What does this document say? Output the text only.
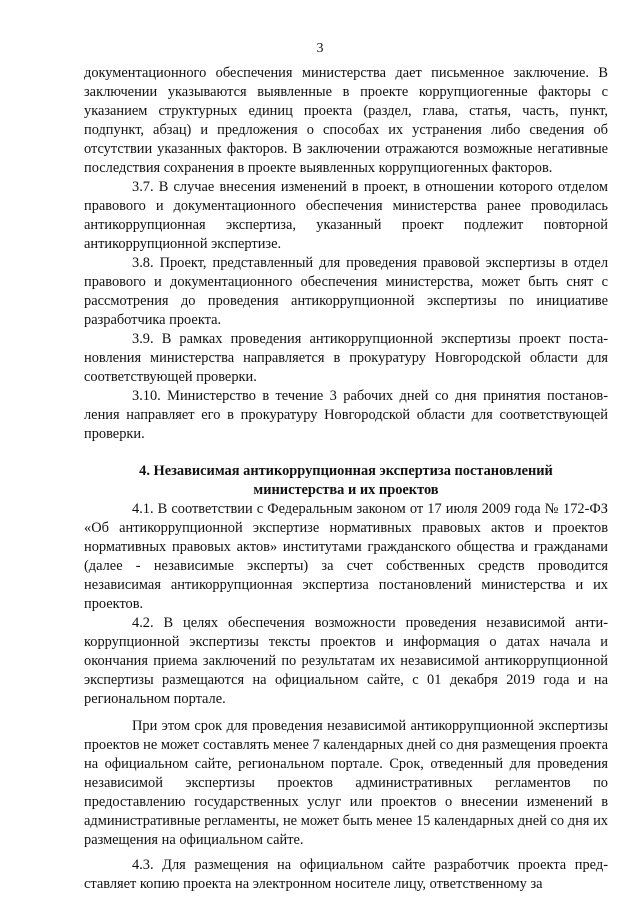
3

документационного обеспечения министерства дает письменное заключение. В заключении указываются выявленные в проекте коррупциогенные факторы с указанием структурных единиц проекта (раздел, глава, статья, часть, пункт, подпункт, абзац) и предложения о способах их устранения либо сведения об отсутствии указанных факторов. В заключении отражаются возможные негативные последствия сохранения в проекте выявленных коррупциогенных факторов.

3.7. В случае внесения изменений в проект, в отношении которого отделом правового и документационного обеспечения министерства ранее проводилась антикоррупционная экспертиза, указанный проект подлежит повторной антикоррупционной экспертизе.

3.8. Проект, представленный для проведения правовой экспертизы в отдел правового и документационного обеспечения министерства, может быть снят с рассмотрения до проведения антикоррупционной экспертизы по инициативе разработчика проекта.

3.9. В рамках проведения антикоррупционной экспертизы проект постановления министерства направляется в прокуратуру Новгородской области для соответствующей проверки.

3.10. Министерство в течение 3 рабочих дней со дня принятия постановления направляет его в прокуратуру Новгородской области для соответствующей проверки.

4. Независимая антикоррупционная экспертиза постановлений
министерства и их проектов

4.1. В соответствии с Федеральным законом от 17 июля 2009 года № 172-ФЗ «Об антикоррупционной экспертизе нормативных правовых актов и проектов нормативных правовых актов» институтами гражданского общества и гражданами (далее - независимые эксперты) за счет собственных средств проводится независимая антикоррупционная экспертиза постановлений министерства и их проектов.

4.2. В целях обеспечения возможности проведения независимой антикоррупционной экспертизы тексты проектов и информация о датах начала и окончания приема заключений по результатам их независимой антикоррупционной экспертизы размещаются на официальном сайте, с 01 декабря 2019 года и на региональном портале.

При этом срок для проведения независимой антикоррупционной экспертизы проектов не может составлять менее 7 календарных дней со дня размещения проекта на официальном сайте, региональном портале. Срок, отведенный для проведения независимой экспертизы проектов административных регламентов по предоставлению государственных услуг или проектов о внесении изменений в административные регламенты, не может быть менее 15 календарных дней со дня их размещения на официальном сайте.

4.3. Для размещения на официальном сайте разработчик проекта представляет копию проекта на электронном носителе лицу, ответственному за
